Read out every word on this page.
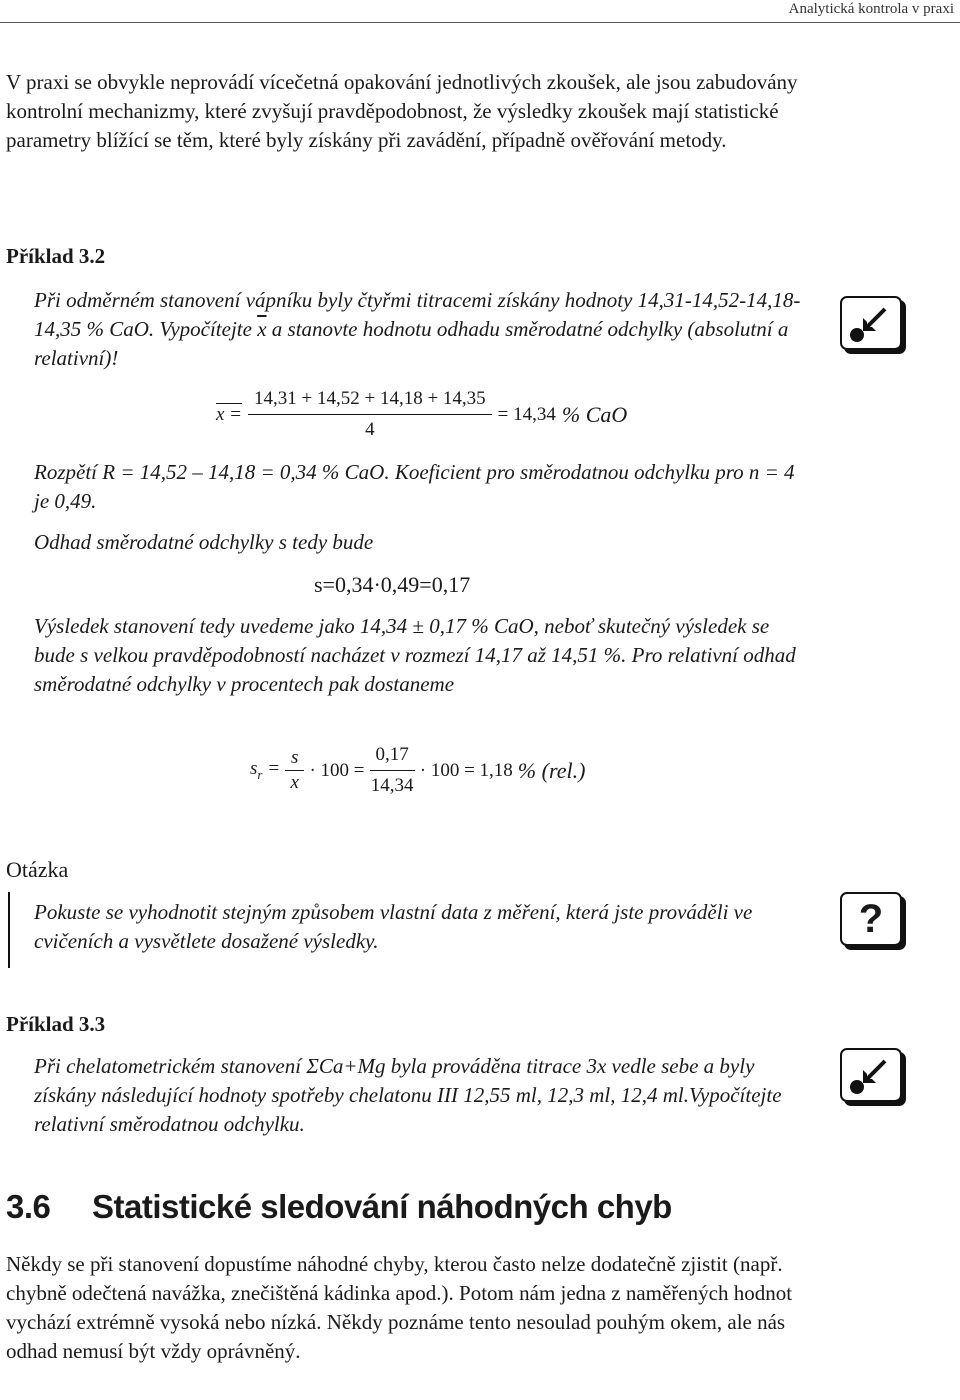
Analytická kontrola v praxi

V praxi se obvykle neprovádí vícečetná opakování jednotlivých zkoušek, ale jsou zabudovány kontrolní mechanizmy, které zvyšují pravděpodobnost, že výsledky zkoušek mají statistické parametry blížící se těm, které byly získány při zavádění, případně ověřování metody.

Příklad 3.2

Při odměrném stanovení vápníku byly čtyřmi titracemi získány hodnoty 14,31-14,52-14,18-14,35 % CaO. Vypočítejte $\overline{x}$ a stanovte hodnotu odhadu směrodatné odchylky (absolutní a relativní)!

$x = \frac{14,31 + 14,52 + 14,18 + 14,35}{4} = 14,34$ % CaO

Rozpětí R = 14,52 – 14,18 = 0,34 % CaO. Koeficient pro směrodatnou odchylku pro n = 4 je 0,49.

Odhad směrodatné odchylky s tedy bude

s=0,34·0,49=0,17

Výsledek stanovení tedy uvedeme jako 14,34 ± 0,17 % CaO, neboť skutečný výsledek se bude s velkou pravděpodobností nacházet v rozmezí 14,17 až 14,51 %. Pro relativní odhad směrodatné odchylky v procentech pak dostaneme

$s_r = \frac{s}{x} \cdot 100 = \frac{0,17}{14,34} \cdot 100 = 1,18$ % (rel.)
Otázka

Pokuste se vyhodnotit stejným způsobem vlastní data z měření, která jste prováděli ve cvičeních a vysvětlete dosažené výsledky.	?
Příklad 3.3

Při chelatometrickém stanovení ΣCa+Mg byla prováděna titrace 3x vedle sebe a byly získány následující hodnoty spotřeby chelatonu III 12,55 ml, 12,3 ml, 12,4 ml.Vypočítejte relativní směrodatnou odchylku.

3.6 Statistické sledování náhodných chyb

Někdy se při stanovení dopustíme náhodné chyby, kterou často nelze dodatečně zjistit (např. chybně odečtená navážka, znečištěná kádinka apod.). Potom nám jedna z naměřených hodnot vychází extrémně vysoká nebo nízká. Někdy poznáme tento nesoulad pouhým okem, ale nás odhad nemusí být vždy oprávněný.
